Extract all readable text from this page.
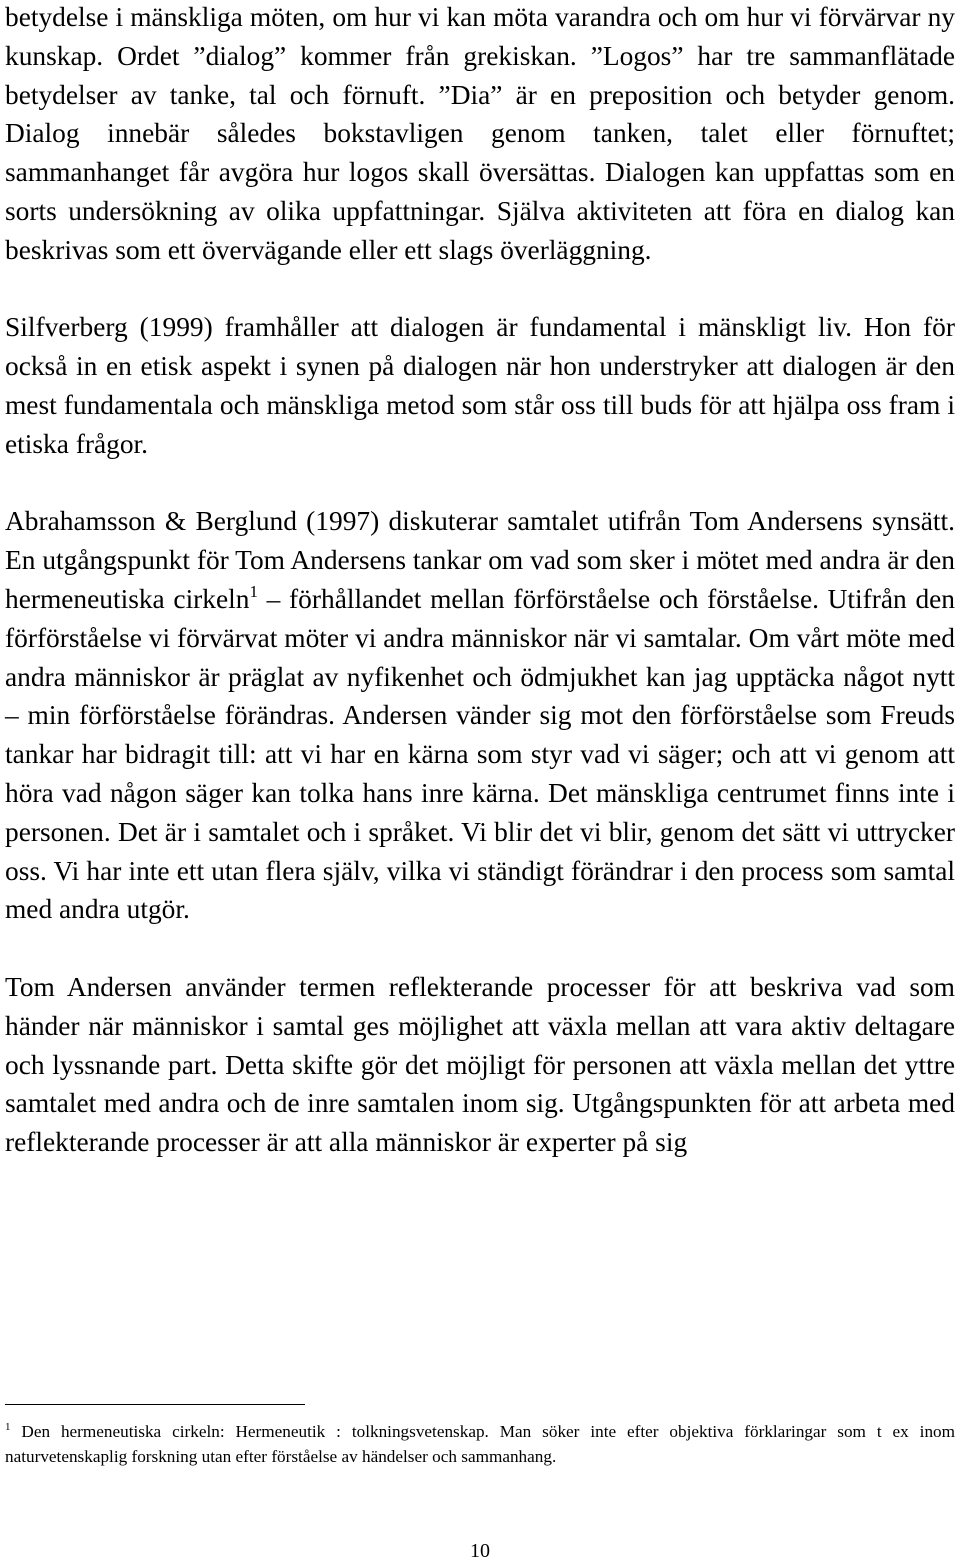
betydelse i mänskliga möten, om hur vi kan möta varandra och om hur vi förvärvar ny kunskap. Ordet ”dialog” kommer från grekiskan. ”Logos” har tre sammanflätade betydelser av tanke, tal och förnuft. ”Dia” är en preposition och betyder genom. Dialog innebär således bokstavligen genom tanken, talet eller förnuftet; sammanhanget får avgöra hur logos skall översättas. Dialogen kan uppfattas som en sorts undersökning av olika uppfattningar. Själva aktiviteten att föra en dialog kan beskrivas som ett övervägande eller ett slags överläggning.

Silfverberg (1999) framhåller att dialogen är fundamental i mänskligt liv. Hon för också in en etisk aspekt i synen på dialogen när hon understryker att dialogen är den mest fundamentala och mänskliga metod som står oss till buds för att hjälpa oss fram i etiska frågor.

Abrahamsson & Berglund (1997) diskuterar samtalet utifrån Tom Andersens synsätt. En utgångspunkt för Tom Andersens tankar om vad som sker i mötet med andra är den hermeneutiska cirkeln$^1$ – förhållandet mellan förförståelse och förståelse. Utifrån den förförståelse vi förvärvat möter vi andra människor när vi samtalar. Om vårt möte med andra människor är präglat av nyfikenhet och ödmjukhet kan jag upptäcka något nytt – min förförståelse förändras. Andersen vänder sig mot den förförståelse som Freuds tankar har bidragit till: att vi har en kärna som styr vad vi säger; och att vi genom att höra vad någon säger kan tolka hans inre kärna. Det mänskliga centrumet finns inte i personen. Det är i samtalet och i språket. Vi blir det vi blir, genom det sätt vi uttrycker oss. Vi har inte ett utan flera själv, vilka vi ständigt förändrar i den process som samtal med andra utgör.

Tom Andersen använder termen reflekterande processer för att beskriva vad som händer när människor i samtal ges möjlighet att växla mellan att vara aktiv deltagare och lyssnande part. Detta skifte gör det möjligt för personen att växla mellan det yttre samtalet med andra och de inre samtalen inom sig. Utgångspunkten för att arbeta med reflekterande processer är att alla människor är experter på sig

$^1$ Den hermeneutiska cirkeln: Hermeneutik : tolkningsvetenskap. Man söker inte efter objektiva förklaringar som t ex inom naturvetenskaplig forskning utan efter förståelse av händelser och sammanhang.
10
